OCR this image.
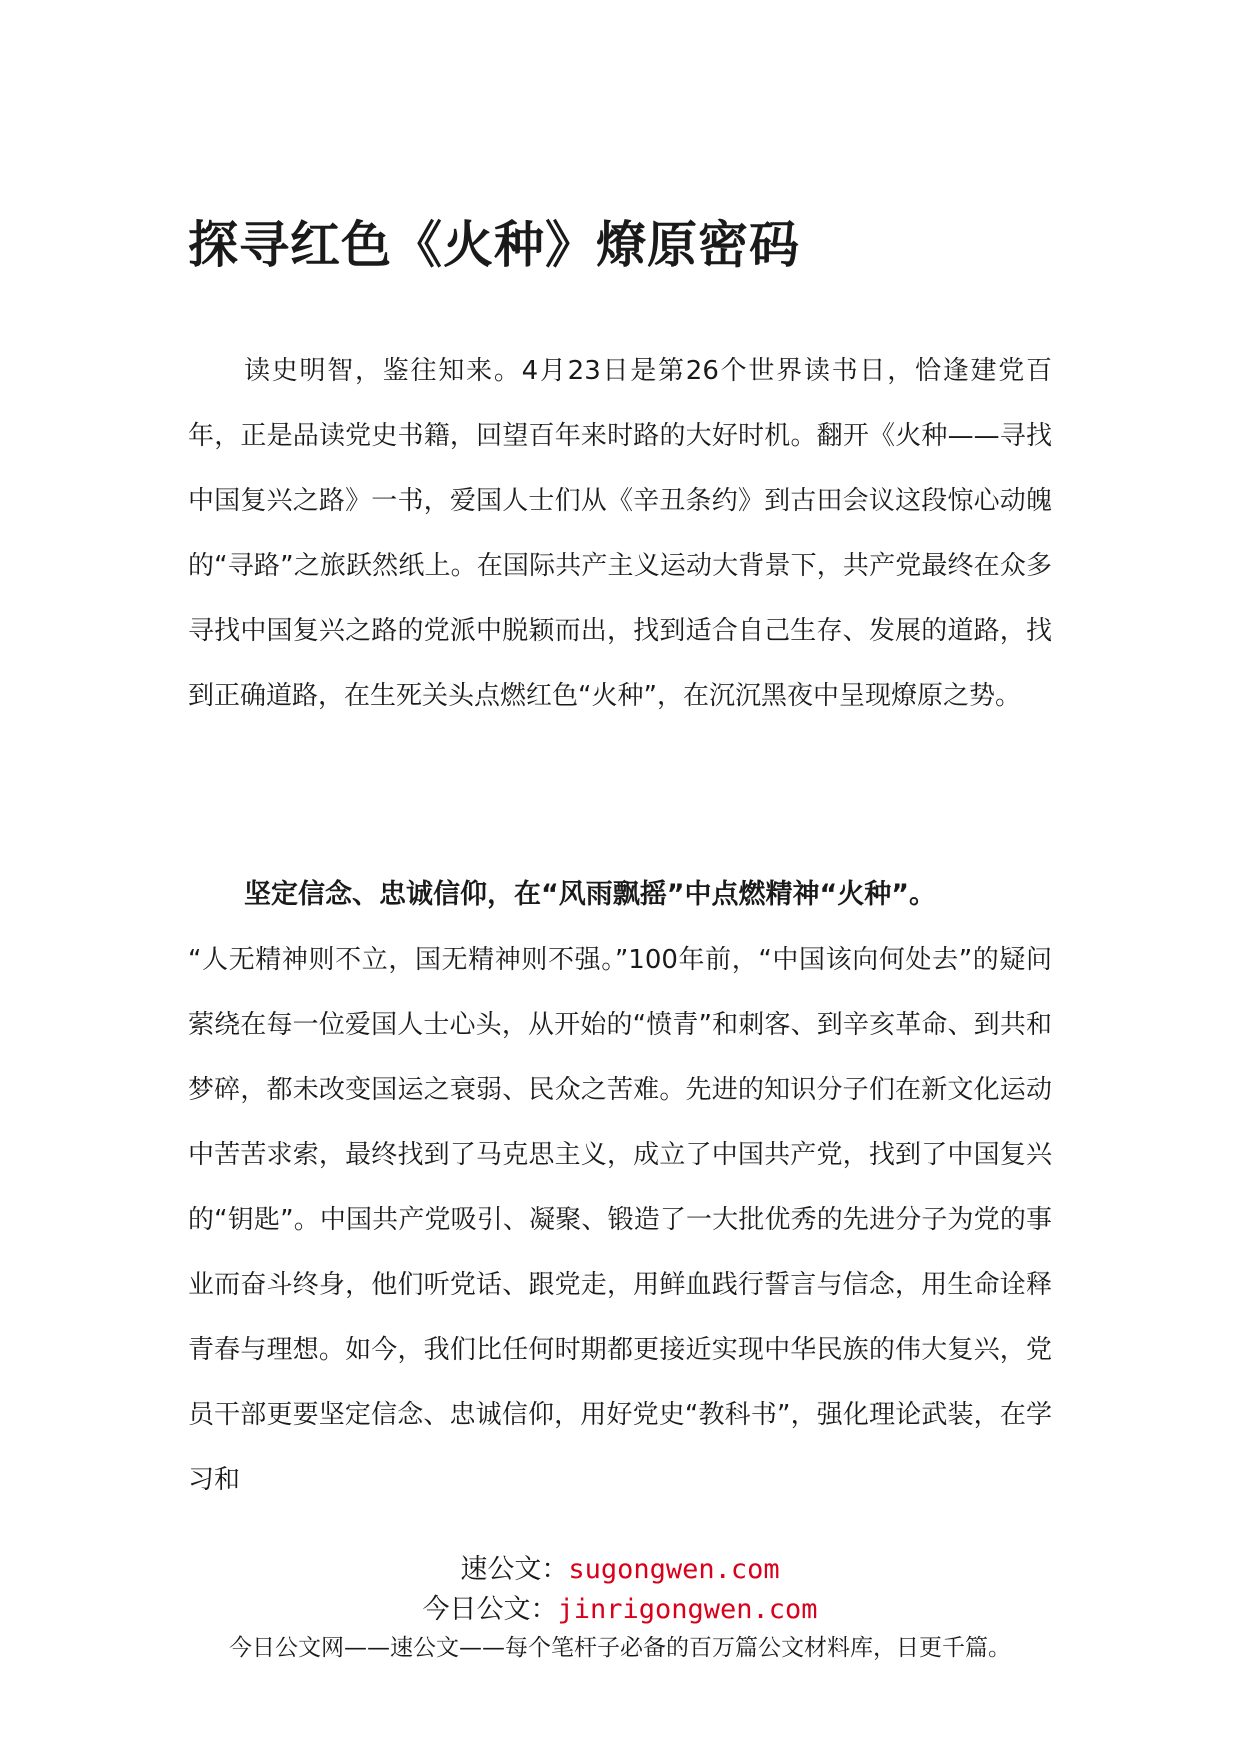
探寻红色《火种》燎原密码

读史明智，鉴往知来。4月23日是第26个世界读书日，恰逢建党百年，正是品读党史书籍，回望百年来时路的大好时机。翻开《火种——寻找中国复兴之路》一书，爱国人士们从《辛丑条约》到古田会议这段惊心动魄的“寻路”之旅跃然纸上。在国际共产主义运动大背景下，共产党最终在众多寻找中国复兴之路的党派中脱颖而出，找到适合自己生存、发展的道路，找到正确道路，在生死关头点燃红色“火种”，在沉沉黑夜中呈现燎原之势。

坚定信念、忠诚信仰，在“风雨飘摇”中点燃精神“火种”。

“人无精神则不立，国无精神则不强。”100年前，“中国该向何处去”的疑问萦绕在每一位爱国人士心头，从开始的“愤青”和刺客、到辛亥革命、到共和梦碎，都未改变国运之衰弱、民众之苦难。先进的知识分子们在新文化运动中苦苦求索，最终找到了马克思主义，成立了中国共产党，找到了中国复兴的“钥匙”。中国共产党吸引、凝聚、锻造了一大批优秀的先进分子为党的事业而奋斗终身，他们听党话、跟党走，用鲜血践行誓言与信念，用生命诠释青春与理想。如今，我们比任何时期都更接近实现中华民族的伟大复兴，党员干部更要坚定信念、忠诚信仰，用好党史“教科书”，强化理论武装，在学习和

速公文：sugongwen.com
今日公文：jinrigongwen.com
今日公文网——速公文——每个笔杆子必备的百万篇公文材料库，日更千篇。
